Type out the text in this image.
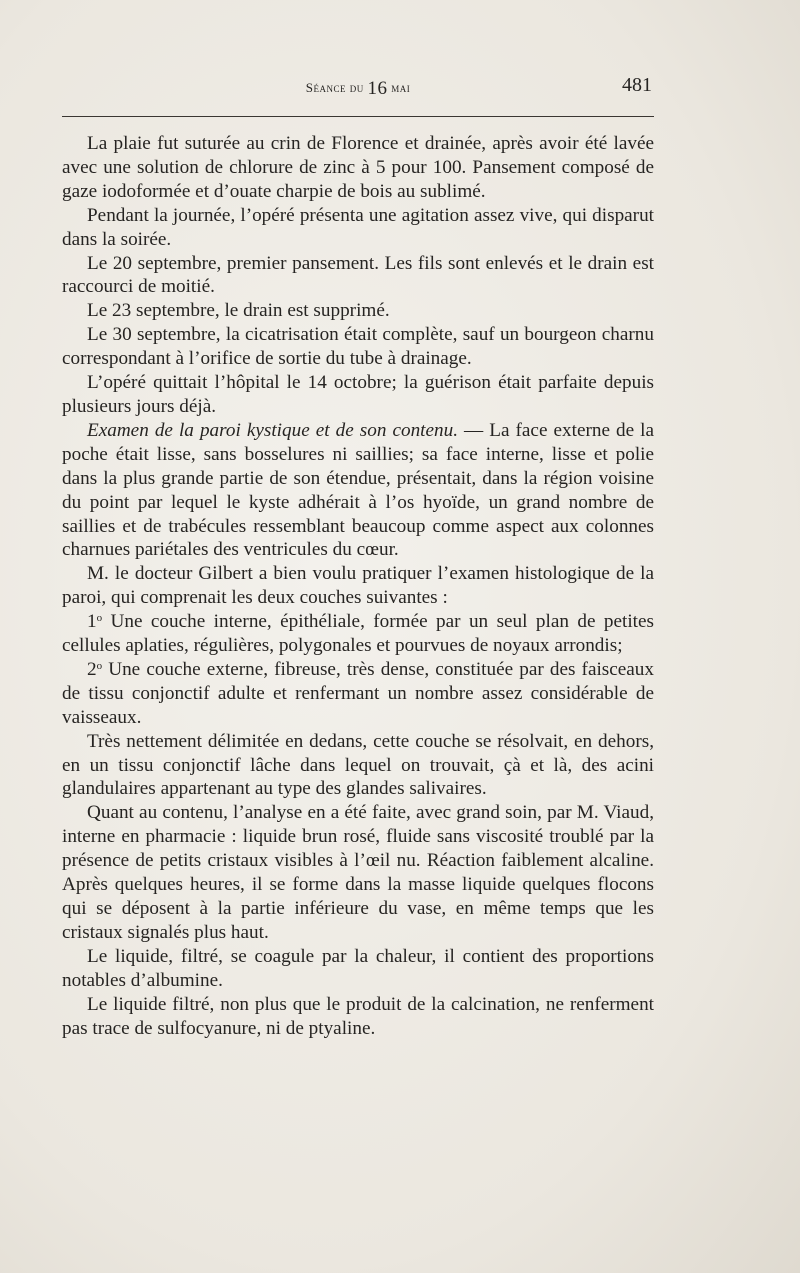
Séance du 16 mai	481

La plaie fut suturée au crin de Florence et drainée, après avoir été lavée avec une solution de chlorure de zinc à 5 pour 100. Pansement composé de gaze iodoformée et d’ouate charpie de bois au sublimé.

Pendant la journée, l’opéré présenta une agitation assez vive, qui disparut dans la soirée.

Le 20 septembre, premier pansement. Les fils sont enlevés et le drain est raccourci de moitié.

Le 23 septembre, le drain est supprimé.

Le 30 septembre, la cicatrisation était complète, sauf un bourgeon charnu correspondant à l’orifice de sortie du tube à drainage.

L’opéré quittait l’hôpital le 14 octobre; la guérison était parfaite depuis plusieurs jours déjà.

Examen de la paroi kystique et de son contenu. — La face externe de la poche était lisse, sans bosselures ni saillies; sa face interne, lisse et polie dans la plus grande partie de son étendue, présentait, dans la région voisine du point par lequel le kyste adhérait à l’os hyoïde, un grand nombre de saillies et de trabécules ressemblant beaucoup comme aspect aux colonnes charnues pariétales des ventricules du cœur.

M. le docteur Gilbert a bien voulu pratiquer l’examen histologique de la paroi, qui comprenait les deux couches suivantes :

1$^o$ Une couche interne, épithéliale, formée par un seul plan de petites cellules aplaties, régulières, polygonales et pourvues de noyaux arrondis;

2$^o$ Une couche externe, fibreuse, très dense, constituée par des faisceaux de tissu conjonctif adulte et renfermant un nombre assez considérable de vaisseaux.

Très nettement délimitée en dedans, cette couche se résolvait, en dehors, en un tissu conjonctif lâche dans lequel on trouvait, çà et là, des acini glandulaires appartenant au type des glandes salivaires.

Quant au contenu, l’analyse en a été faite, avec grand soin, par M. Viaud, interne en pharmacie : liquide brun rosé, fluide sans viscosité troublé par la présence de petits cristaux visibles à l’œil nu. Réaction faiblement alcaline. Après quelques heures, il se forme dans la masse liquide quelques flocons qui se déposent à la partie inférieure du vase, en même temps que les cristaux signalés plus haut.

Le liquide, filtré, se coagule par la chaleur, il contient des proportions notables d’albumine.

Le liquide filtré, non plus que le produit de la calcination, ne renferment pas trace de sulfocyanure, ni de ptyaline.
